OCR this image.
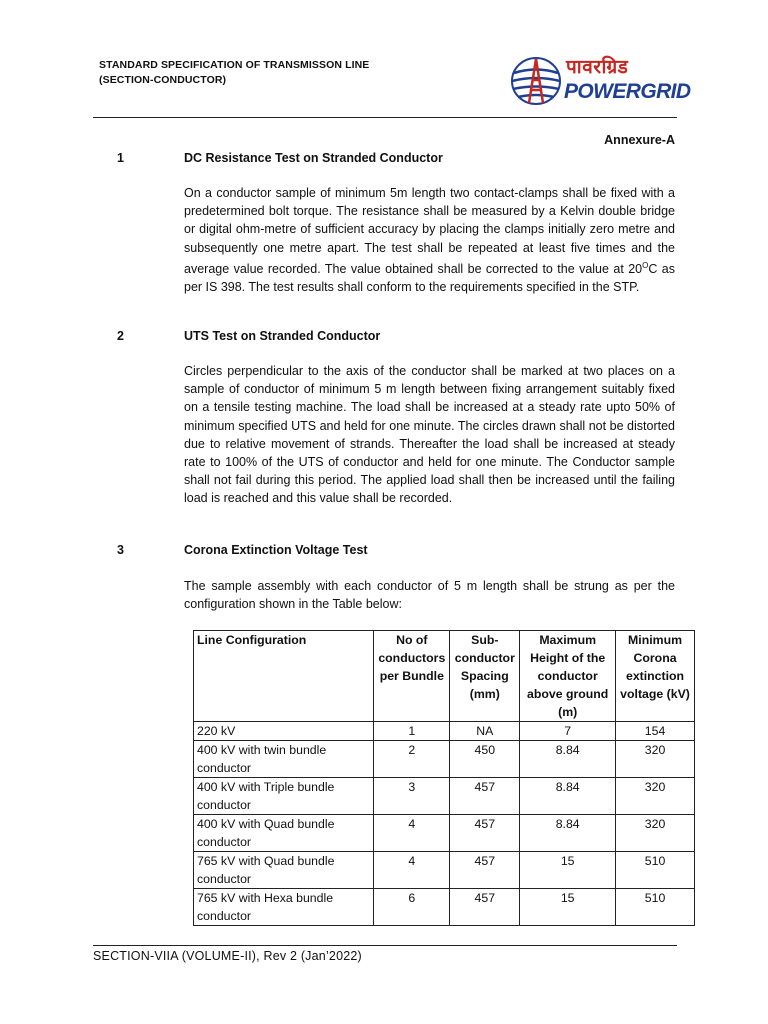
STANDARD SPECIFICATION OF TRANSMISSON LINE
(SECTION-CONDUCTOR)
पावरग्रिड
POWERGRID
Annexure-A
1	DC Resistance Test on Stranded Conductor
On a conductor sample of minimum 5m length two contact-clamps shall be fixed with a predetermined bolt torque. The resistance shall be measured by a Kelvin double bridge or digital ohm-metre of sufficient accuracy by placing the clamps initially zero metre and subsequently one metre apart. The test shall be repeated at least five times and the average value recorded. The value obtained shall be corrected to the value at $20^OC$ as per IS 398. The test results shall conform to the requirements specified in the STP.
2	UTS Test on Stranded Conductor
Circles perpendicular to the axis of the conductor shall be marked at two places on a sample of conductor of minimum 5 m length between fixing arrangement suitably fixed on a tensile testing machine. The load shall be increased at a steady rate upto 50% of minimum specified UTS and held for one minute. The circles drawn shall not be distorted due to relative movement of strands. Thereafter the load shall be increased at steady rate to 100% of the UTS of conductor and held for one minute. The Conductor sample shall not fail during this period. The applied load shall then be increased until the failing load is reached and this value shall be recorded.
3	Corona Extinction Voltage Test
The sample assembly with each conductor of 5 m length shall be strung as per the configuration shown in the Table below:
Line Configuration	No of conductors per Bundle	Sub-conductor Spacing (mm)	Maximum Height of the conductor above ground (m)	Minimum Corona extinction voltage (kV)
220 kV	1	NA	7	154
400 kV with twin bundle conductor	2	450	8.84	320
400 kV with Triple bundle conductor	3	457	8.84	320
400 kV with Quad bundle conductor	4	457	8.84	320
765 kV with Quad bundle conductor	4	457	15	510
765 kV with Hexa bundle conductor	6	457	15	510
SECTION-VIIA (VOLUME-II), Rev 2 (Jan’2022)
